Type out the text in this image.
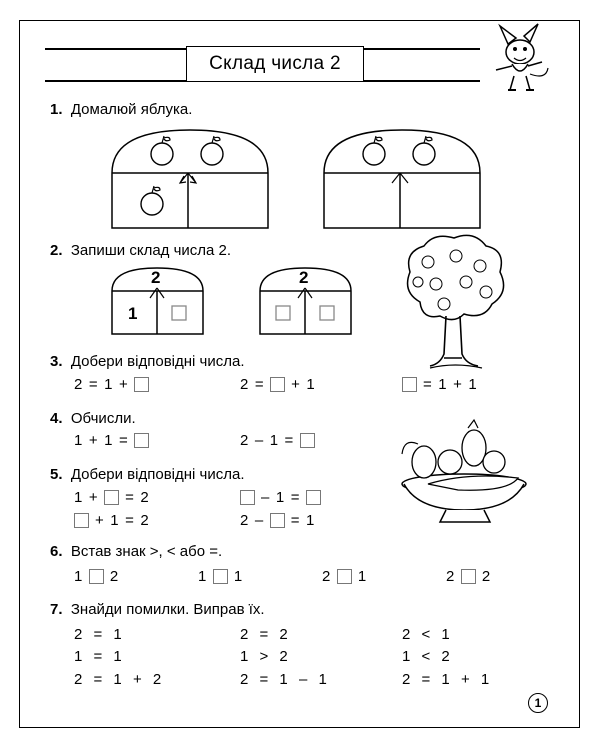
Склад числа 2
1. Домалюй яблука.
2. Запиши склад числа 2.
2
1
2
3. Добери відповідні числа.
2 = 1 +	2 = + 1	= 1 + 1
4. Обчисли.
1 + 1 =	2 – 1 =
5. Добери відповідні числа.
1 + = 2	– 1 =
+ 1 = 2	2 – = 1
6. Встав знак >, < або =.
1 2	1 1	2 1	2 2
7. Знайди помилки. Виправ їх.
2 = 1	2 = 2	2 < 1
1 = 1	1 > 2	1 < 2
2 = 1 + 2	2 = 1 – 1	2 = 1 + 1
1
